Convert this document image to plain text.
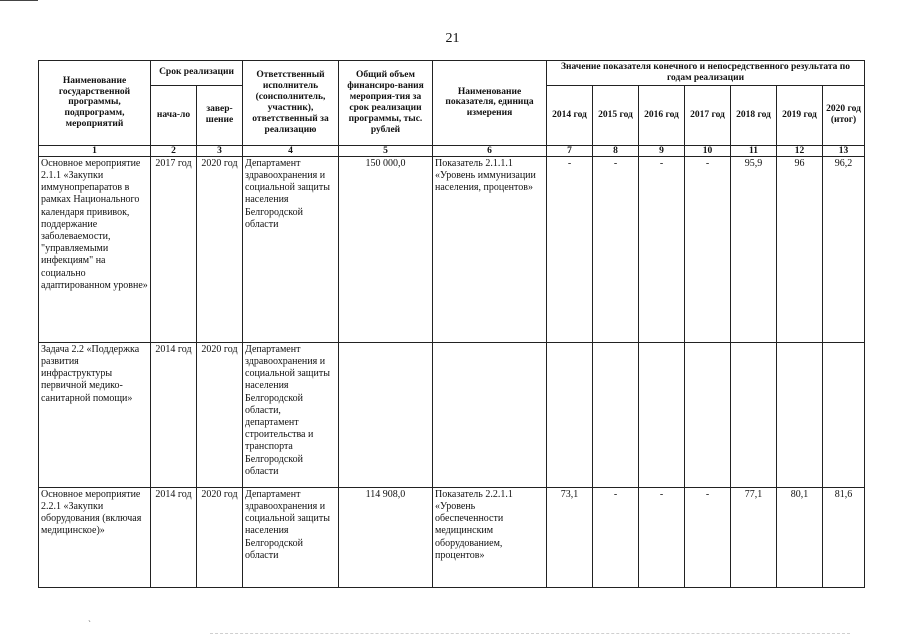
21
Наименование государственной программы, подпрограмм, мероприятий	Срок реализации		Ответственный исполнитель (соисполнитель, участник), ответственный за реализацию	Общий объем финансиро-вания мероприя-тия за срок реализации программы, тыс. рублей	Наименование показателя, единица измерения	Значение показателя конечного и непосредственного результата по годам реализации						
	нача-ло	завер-шение				2014 год	2015 год	2016 год	2017 год	2018 год	2019 год	2020 год (итог)
1	2	3	4	5	6	7	8	9	10	11	12	13
Основное мероприятие 2.1.1 «Закупки иммунопрепаратов в рамках Национального календаря прививок, поддержание заболеваемости, "управляемыми инфекциям" на социально адаптированном уровне»	2017 год	2020 год	Департамент здравоохранения и социальной защиты населения Белгородской области	150 000,0	Показатель 2.1.1.1 «Уровень иммунизации населения, процентов»	-	-	-	-	95,9	96	96,2
Задача 2.2 «Поддержка развития инфраструктуры первичной медико-санитарной помощи»	2014 год	2020 год	Департамент здравоохранения и социальной защиты населения Белгородской области, департамент строительства и транспорта Белгородской области									
Основное мероприятие 2.2.1 «Закупки оборудования (включая медицинское)»	2014 год	2020 год	Департамент здравоохранения и социальной защиты населения Белгородской области	114 908,0	Показатель 2.2.1.1 «Уровень обеспеченности медицинским оборудованием, процентов»	73,1	-	-	-	77,1	80,1	81,6
ˎ
